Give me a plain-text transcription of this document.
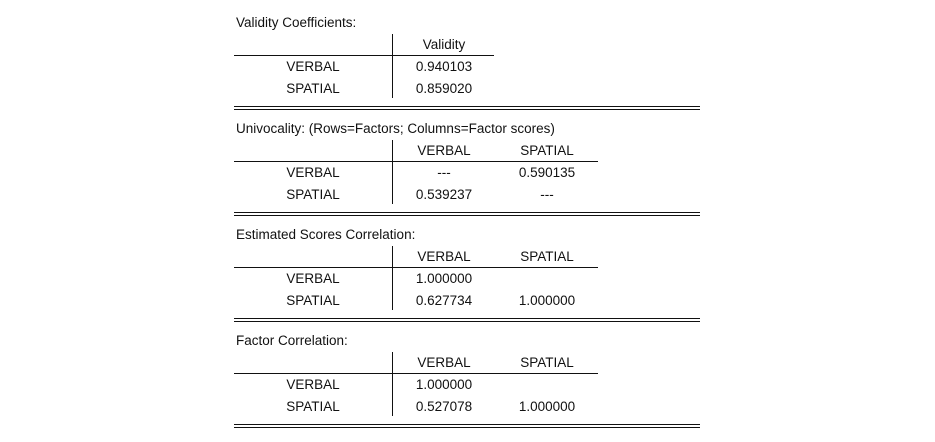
Validity Coefficients:
Validity
VERBAL	0.940103
SPATIAL	0.859020
Univocality: (Rows=Factors; Columns=Factor scores)
VERBAL	SPATIAL
VERBAL	---	0.590135
SPATIAL	0.539237	---
Estimated Scores Correlation:
VERBAL	SPATIAL
VERBAL	1.000000
SPATIAL	0.627734	1.000000
Factor Correlation:
VERBAL	SPATIAL
VERBAL	1.000000
SPATIAL	0.527078	1.000000
